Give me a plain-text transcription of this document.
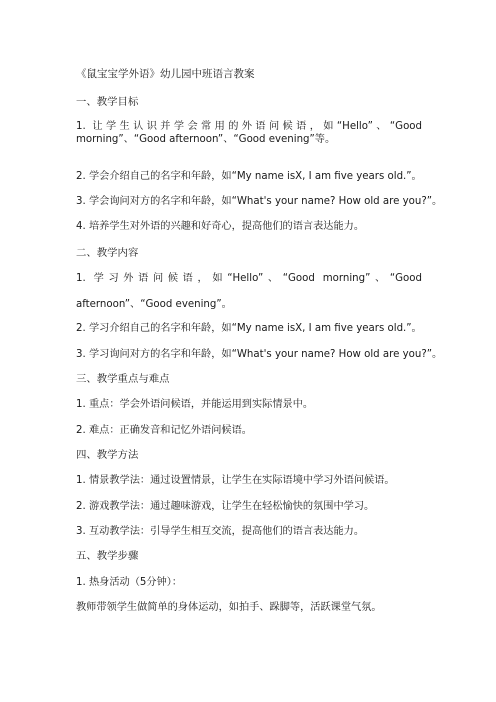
《鼠宝宝学外语》幼儿园中班语言教案
一、教学目标
1. 让学生认识并学会常用的外语问候语，如“Hello”、“Good morning”、“Good afternoon”、“Good evening”等。
2. 学会介绍自己的名字和年龄，如“My name isX, I am five years old.”。
3. 学会询问对方的名字和年龄，如“What's your name? How old are you?”。
4. 培养学生对外语的兴趣和好奇心，提高他们的语言表达能力。
二、教学内容
1. 学习外语问候语，如“Hello”、“Good morning”、“Good afternoon”、“Good evening”。
2. 学习介绍自己的名字和年龄，如“My name isX, I am five years old.”。
3. 学习询问对方的名字和年龄，如“What's your name? How old are you?”。
三、教学重点与难点
1. 重点：学会外语问候语，并能运用到实际情景中。
2. 难点：正确发音和记忆外语问候语。
四、教学方法
1. 情景教学法：通过设置情景，让学生在实际语境中学习外语问候语。
2. 游戏教学法：通过趣味游戏，让学生在轻松愉快的氛围中学习。
3. 互动教学法：引导学生相互交流，提高他们的语言表达能力。
五、教学步骤
1. 热身活动（5分钟）：
教师带领学生做简单的身体运动，如拍手、跺脚等，活跃课堂气氛。
